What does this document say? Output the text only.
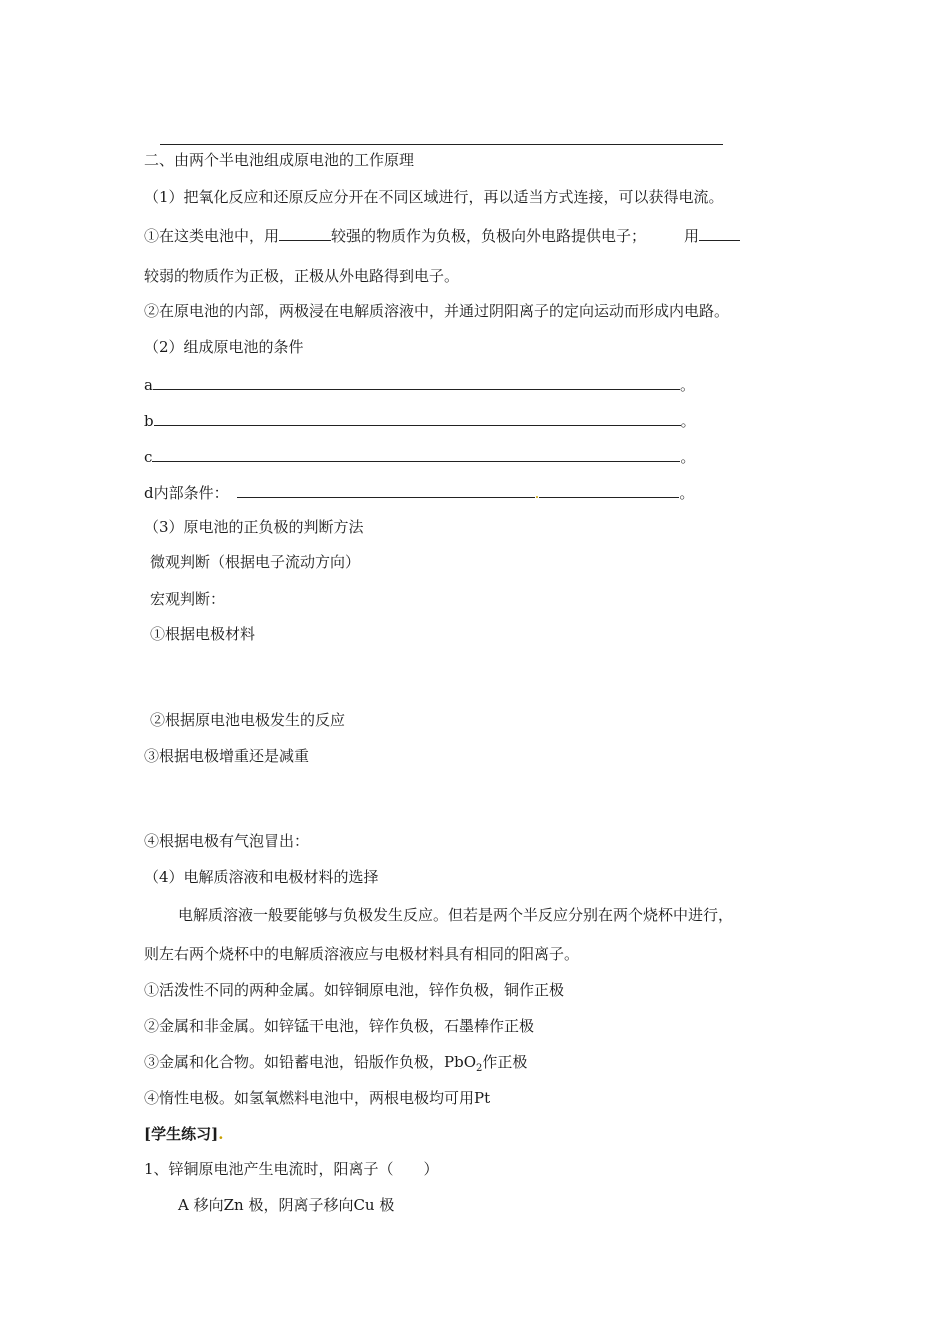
二、由两个半电池组成原电池的工作原理
（1）把氧化反应和还原反应分开在不同区域进行，再以适当方式连接，可以获得电流。
①在这类电池中，用	较强的物质作为负极，负极向外电路提供电子；	用
较弱的物质作为正极，正极从外电路得到电子。
②在原电池的内部，两极浸在电解质溶液中，并通过阴阳离子的定向运动而形成内电路。
（2）组成原电池的条件
a	。
b	。
c	。
d内部条件：	.	。
（3）原电池的正负极的判断方法
微观判断（根据电子流动方向）
宏观判断：
①根据电极材料
②根据原电池电极发生的反应
③根据电极增重还是减重
④根据电极有气泡冒出：
（4）电解质溶液和电极材料的选择
电解质溶液一般要能够与负极发生反应。但若是两个半反应分别在两个烧杯中进行，
则左右两个烧杯中的电解质溶液应与电极材料具有相同的阳离子。
①活泼性不同的两种金属。如锌铜原电池，锌作负极，铜作正极
②金属和非金属。如锌锰干电池，锌作负极，石墨棒作正极
③金属和化合物。如铅蓄电池，铅版作负极，PbO$_2$作正极
④惰性电极。如氢氧燃料电池中，两根电极均可用Pt
[学生练习].
1、锌铜原电池产生电流时，阳离子（　　）
A 移向Zn 极，阴离子移向Cu 极
